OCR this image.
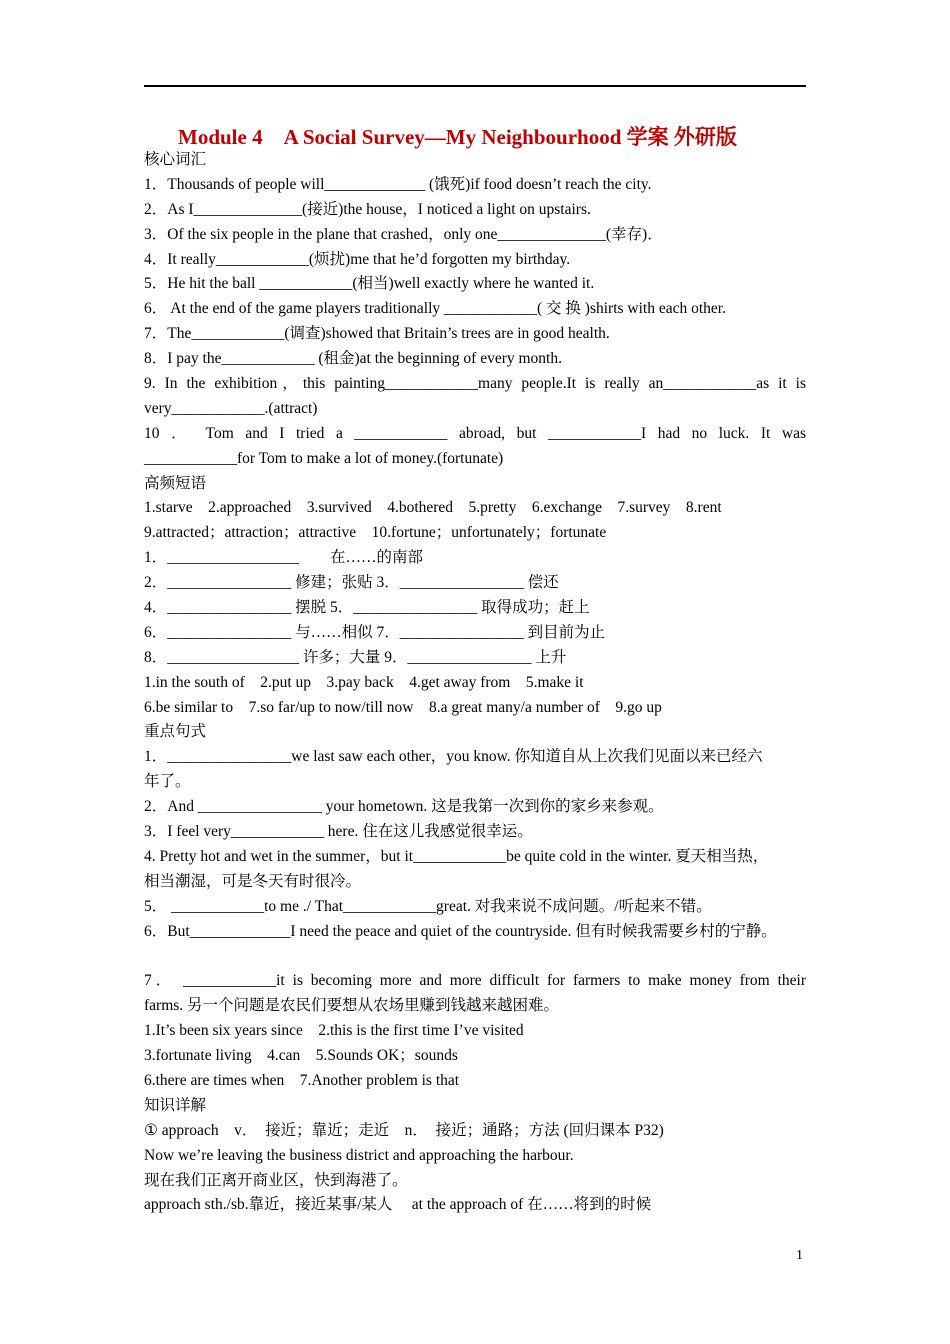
Module 4　A Social Survey—My Neighbourhood 学案 外研版
核心词汇
1．Thousands of people will_____________ (饿死)if food doesn’t reach the city.
2．As I______________(接近)the house，I noticed a light on upstairs.
3．Of the six people in the plane that crashed，only one______________(幸存)．
4．It really____________(烦扰)me that he’d forgotten my birthday.
5．He hit the ball ____________(相当)well exactly where he wanted it.
6． At the end of the game players traditionally ____________( 交 换 )shirts with each other.
7．The____________(调查)showed that Britain’s trees are in good health.
8．I pay the____________ (租金)at the beginning of every month.
9. In the exhibition，this painting____________many people.It is really an____________as it is
very____________.(attract)
10 ． Tom and I tried a ____________ abroad, but ____________I had no luck. It was
____________for Tom to make a lot of money.(fortunate)
高频短语
1.starve　2.approached　3.survived　4.bothered　5.pretty　6.exchange　7.survey　8.rent
9.attracted；attraction；attractive　10.fortune；unfortunately；fortunate
1．_________________　　在……的南部
2．________________ 修建；张贴 3．________________ 偿还
4．________________ 摆脱 5．________________ 取得成功；赶上
6．________________ 与……相似 7．________________ 到目前为止
8．_________________ 许多；大量 9．________________ 上升
1.in the south of　2.put up　3.pay back　4.get away from　5.make it
6.be similar to　7.so far/up to now/till now　8.a great many/a number of　9.go up
重点句式
1．________________we last saw each other，you know. 你知道自从上次我们见面以来已经六
年了。
2．And ________________ your hometown. 这是我第一次到你的家乡来参观。
3．I feel very____________ here. 住在这儿我感觉很幸运。
4. Pretty hot and wet in the summer，but it____________be quite cold in the winter. 夏天相当热，
相当潮湿，可是冬天有时很冷。
5． ____________to me ./ That____________great. 对我来说不成问题。/听起来不错。
6．But_____________I need the peace and quiet of the countryside. 但有时候我需要乡村的宁静。
7． ____________it is becoming more and more difficult for farmers to make money from their
farms. 另一个问题是农民们要想从农场里赚到钱越来越困难。
1.It’s been six years since　2.this is the first time I’ve visited
3.fortunate living　4.can　5.Sounds OK；sounds
6.there are times when　7.Another problem is that
知识详解
① approach　v．　接近；靠近；走近　n．　接近；通路；方法 (回归课本 P32)
Now we’re leaving the business district and approaching the harbour.
现在我们正离开商业区，快到海港了。
approach sth./sb.靠近，接近某事/某人　 at the approach of 在……将到的时候
1
